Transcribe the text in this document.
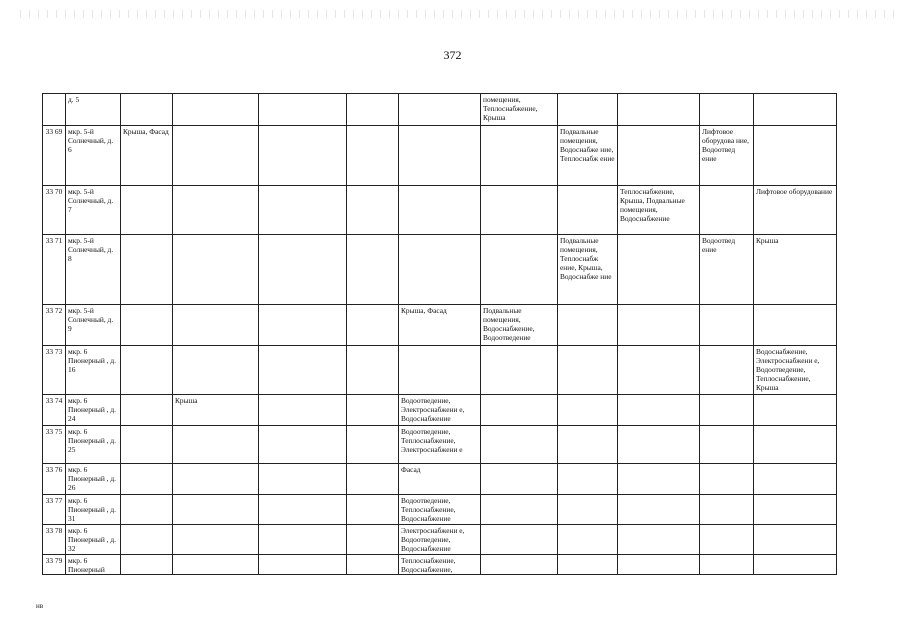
372
	д. 5						помещения, Теплоснабжение, Крыша				
33 69	мкр. 5-й Солнечный, д. 6	Крыша, Фасад						Подвальные помещения, Водоснабже ние, Теплоснабж ение		Лифтовое оборудова ние, Водоотвед ение	
33 70	мкр. 5-й Солнечный, д. 7								Теплоснабжение, Крыша, Подвальные помещения, Водоснабжение		Лифтовое оборудование
33 71	мкр. 5-й Солнечный, д. 8							Подвальные помещения, Теплоснабж ение, Крыша, Водоснабже ние		Водоотвед ение	Крыша
33 72	мкр. 5-й Солнечный, д. 9					Крыша, Фасад	Подвальные помещения, Водоснабжение, Водоотведение				
33 73	мкр. 6 Пионерный , д. 16										Водоснабжение, Электроснабжени е, Водоотведение, Теплоснабжение, Крыша
33 74	мкр. 6 Пионерный , д. 24		Крыша			Водоотведение, Электроснабжени е, Водоснабжение					
33 75	мкр. 6 Пионерный , д. 25					Водоотведение, Теплоснабжение, Электроснабжени е					
33 76	мкр. 6 Пионерный , д. 26					Фасад					
33 77	мкр. 6 Пионерный , д. 31					Водоотведение, Теплоснабжение, Водоснабжение					
33 78	мкр. 6 Пионерный , д. 32					Электроснабжени е, Водоотведение, Водоснабжение					
33 79	мкр. 6 Пионерный					Теплоснабжение, Водоснабжение,					
нв
